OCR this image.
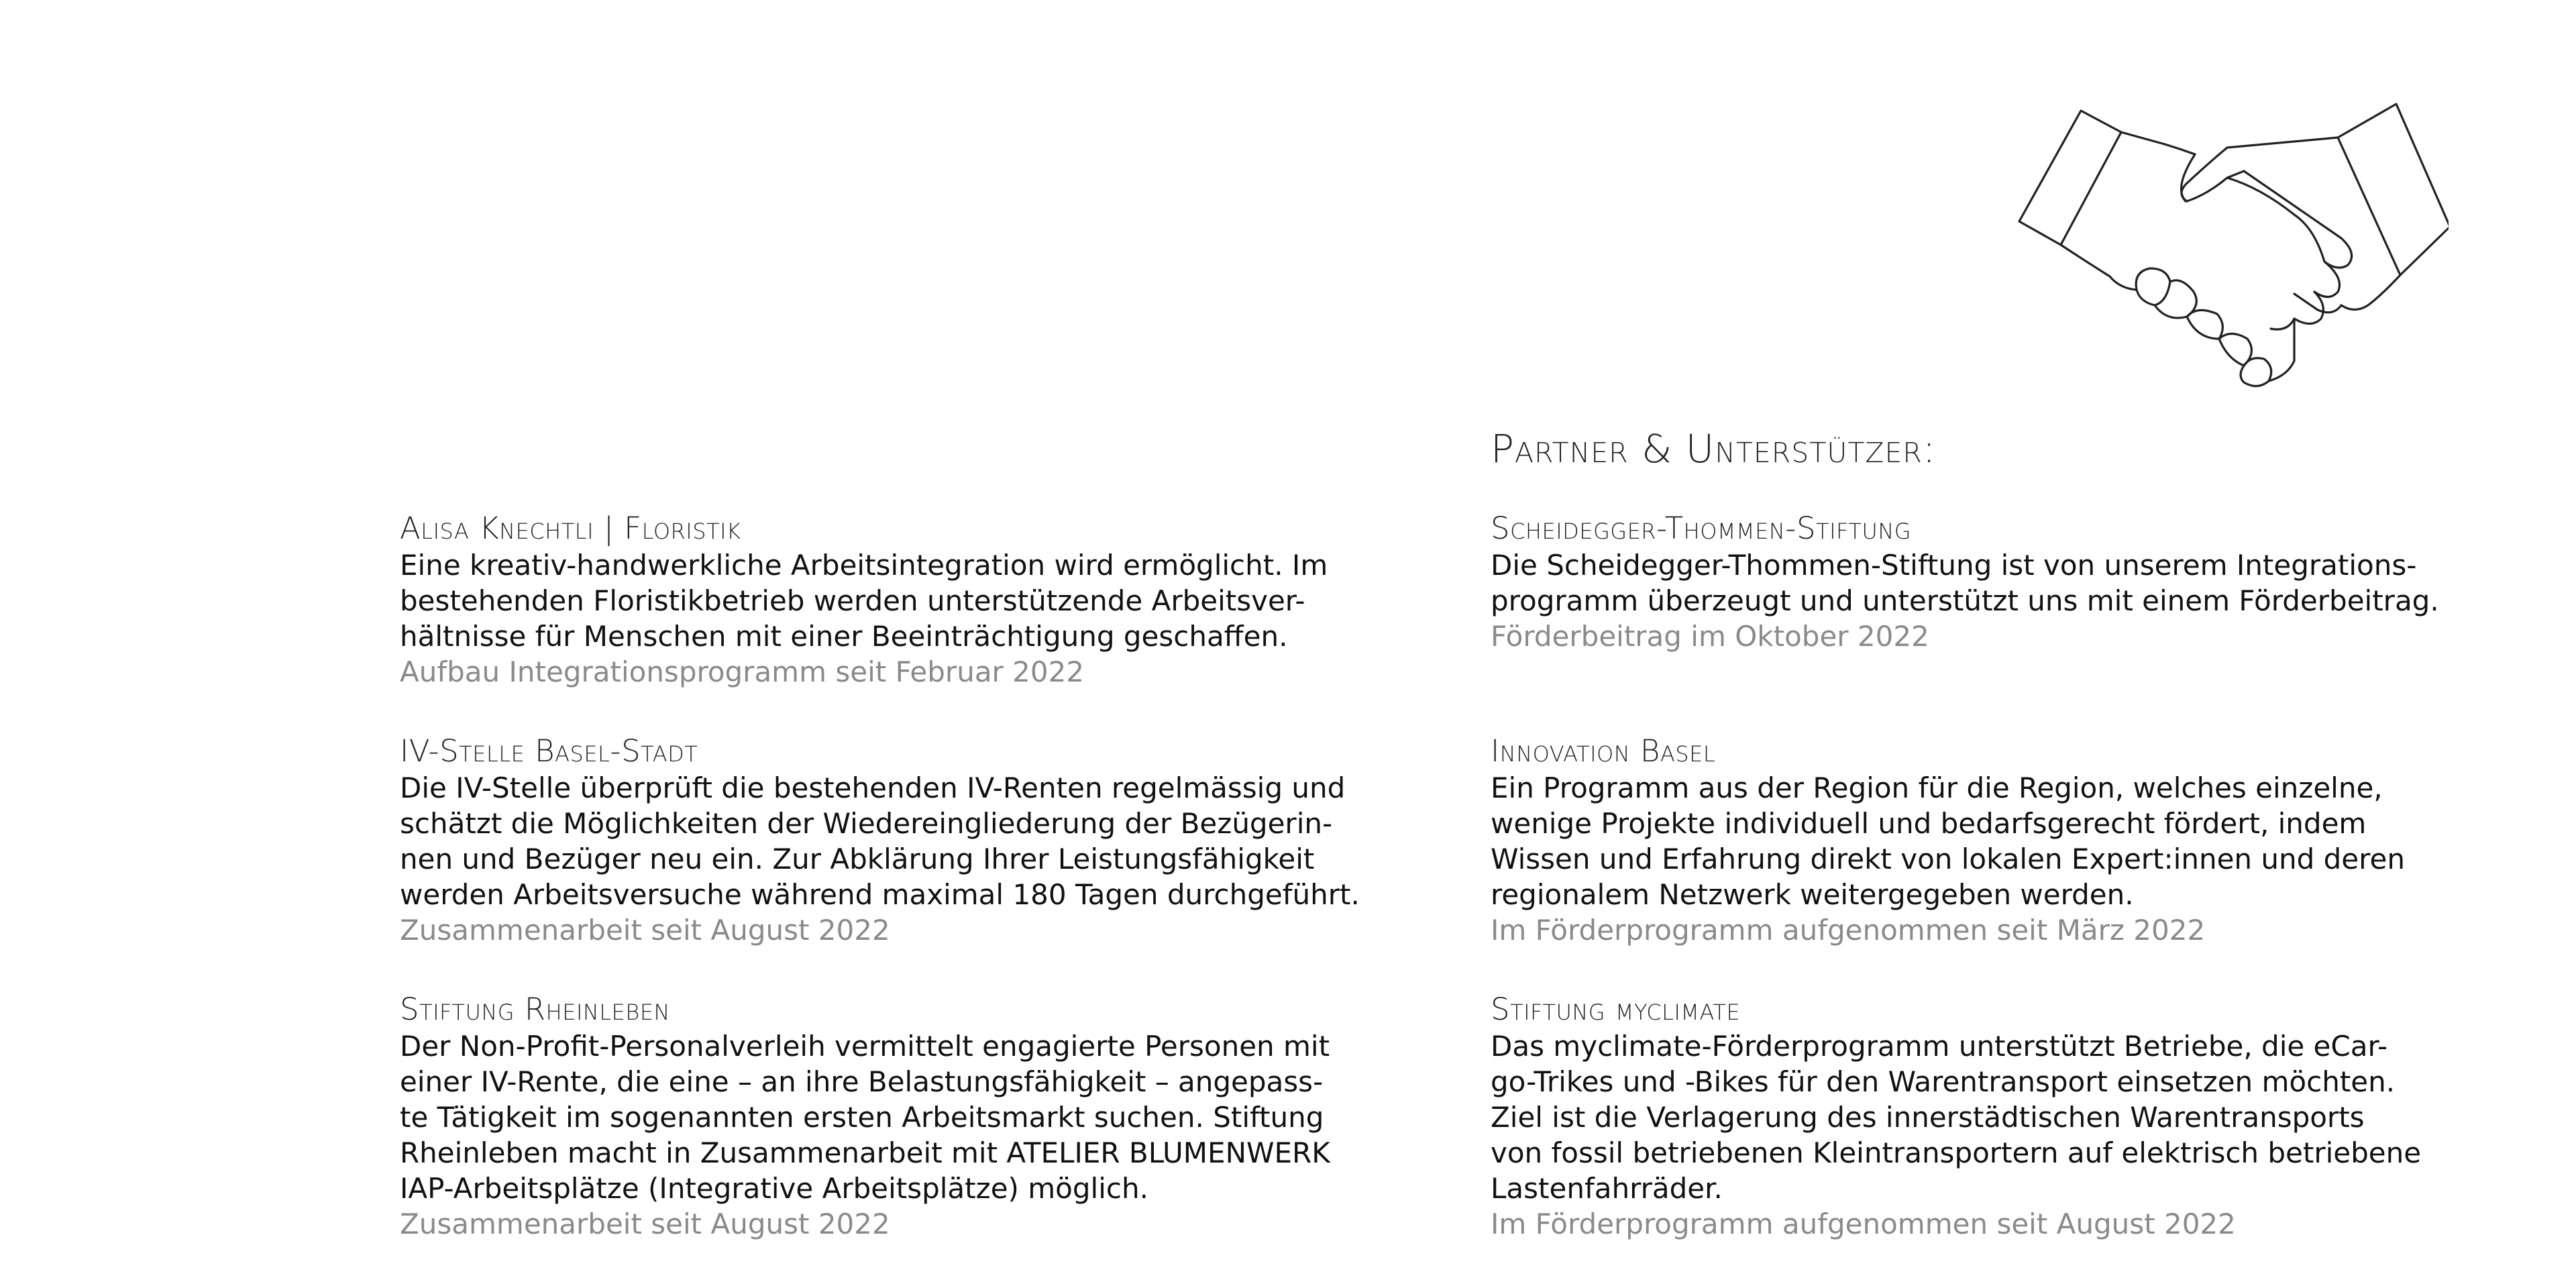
Partner & Unterstützer:
Alisa Knechtli | Floristik
Eine kreativ-handwerkliche Arbeitsintegration wird ermöglicht. Im
bestehenden Floristikbetrieb werden unterstützende Arbeitsver-
hältnisse für Menschen mit einer Beeinträchtigung geschaffen.
Aufbau Integrationsprogramm seit Februar 2022
IV-Stelle Basel-Stadt
Die IV-Stelle überprüft die bestehenden IV-Renten regelmässig und
schätzt die Möglichkeiten der Wiedereingliederung der Bezügerin-
nen und Bezüger neu ein. Zur Abklärung Ihrer Leistungsfähigkeit
werden Arbeitsversuche während maximal 180 Tagen durchgeführt.
Zusammenarbeit seit August 2022
Stiftung Rheinleben
Der Non-Profit-Personalverleih vermittelt engagierte Personen mit
einer IV-Rente, die eine – an ihre Belastungsfähigkeit – angepass-
te Tätigkeit im sogenannten ersten Arbeitsmarkt suchen. Stiftung
Rheinleben macht in Zusammenarbeit mit ATELIER BLUMENWERK
IAP-Arbeitsplätze (Integrative Arbeitsplätze) möglich.
Zusammenarbeit seit August 2022
Scheidegger-Thommen-Stiftung
Die Scheidegger-Thommen-Stiftung ist von unserem Integrations-
programm überzeugt und unterstützt uns mit einem Förderbeitrag.
Förderbeitrag im Oktober 2022
Innovation Basel
Ein Programm aus der Region für die Region, welches einzelne,
wenige Projekte individuell und bedarfsgerecht fördert, indem
Wissen und Erfahrung direkt von lokalen Expert:innen und deren
regionalem Netzwerk weitergegeben werden.
Im Förderprogramm aufgenommen seit März 2022
Stiftung myclimate
Das myclimate-Förderprogramm unterstützt Betriebe, die eCar-
go-Trikes und -Bikes für den Warentransport einsetzen möchten.
Ziel ist die Verlagerung des innerstädtischen Warentransports
von fossil betriebenen Kleintransportern auf elektrisch betriebene
Lastenfahrräder.
Im Förderprogramm aufgenommen seit August 2022
